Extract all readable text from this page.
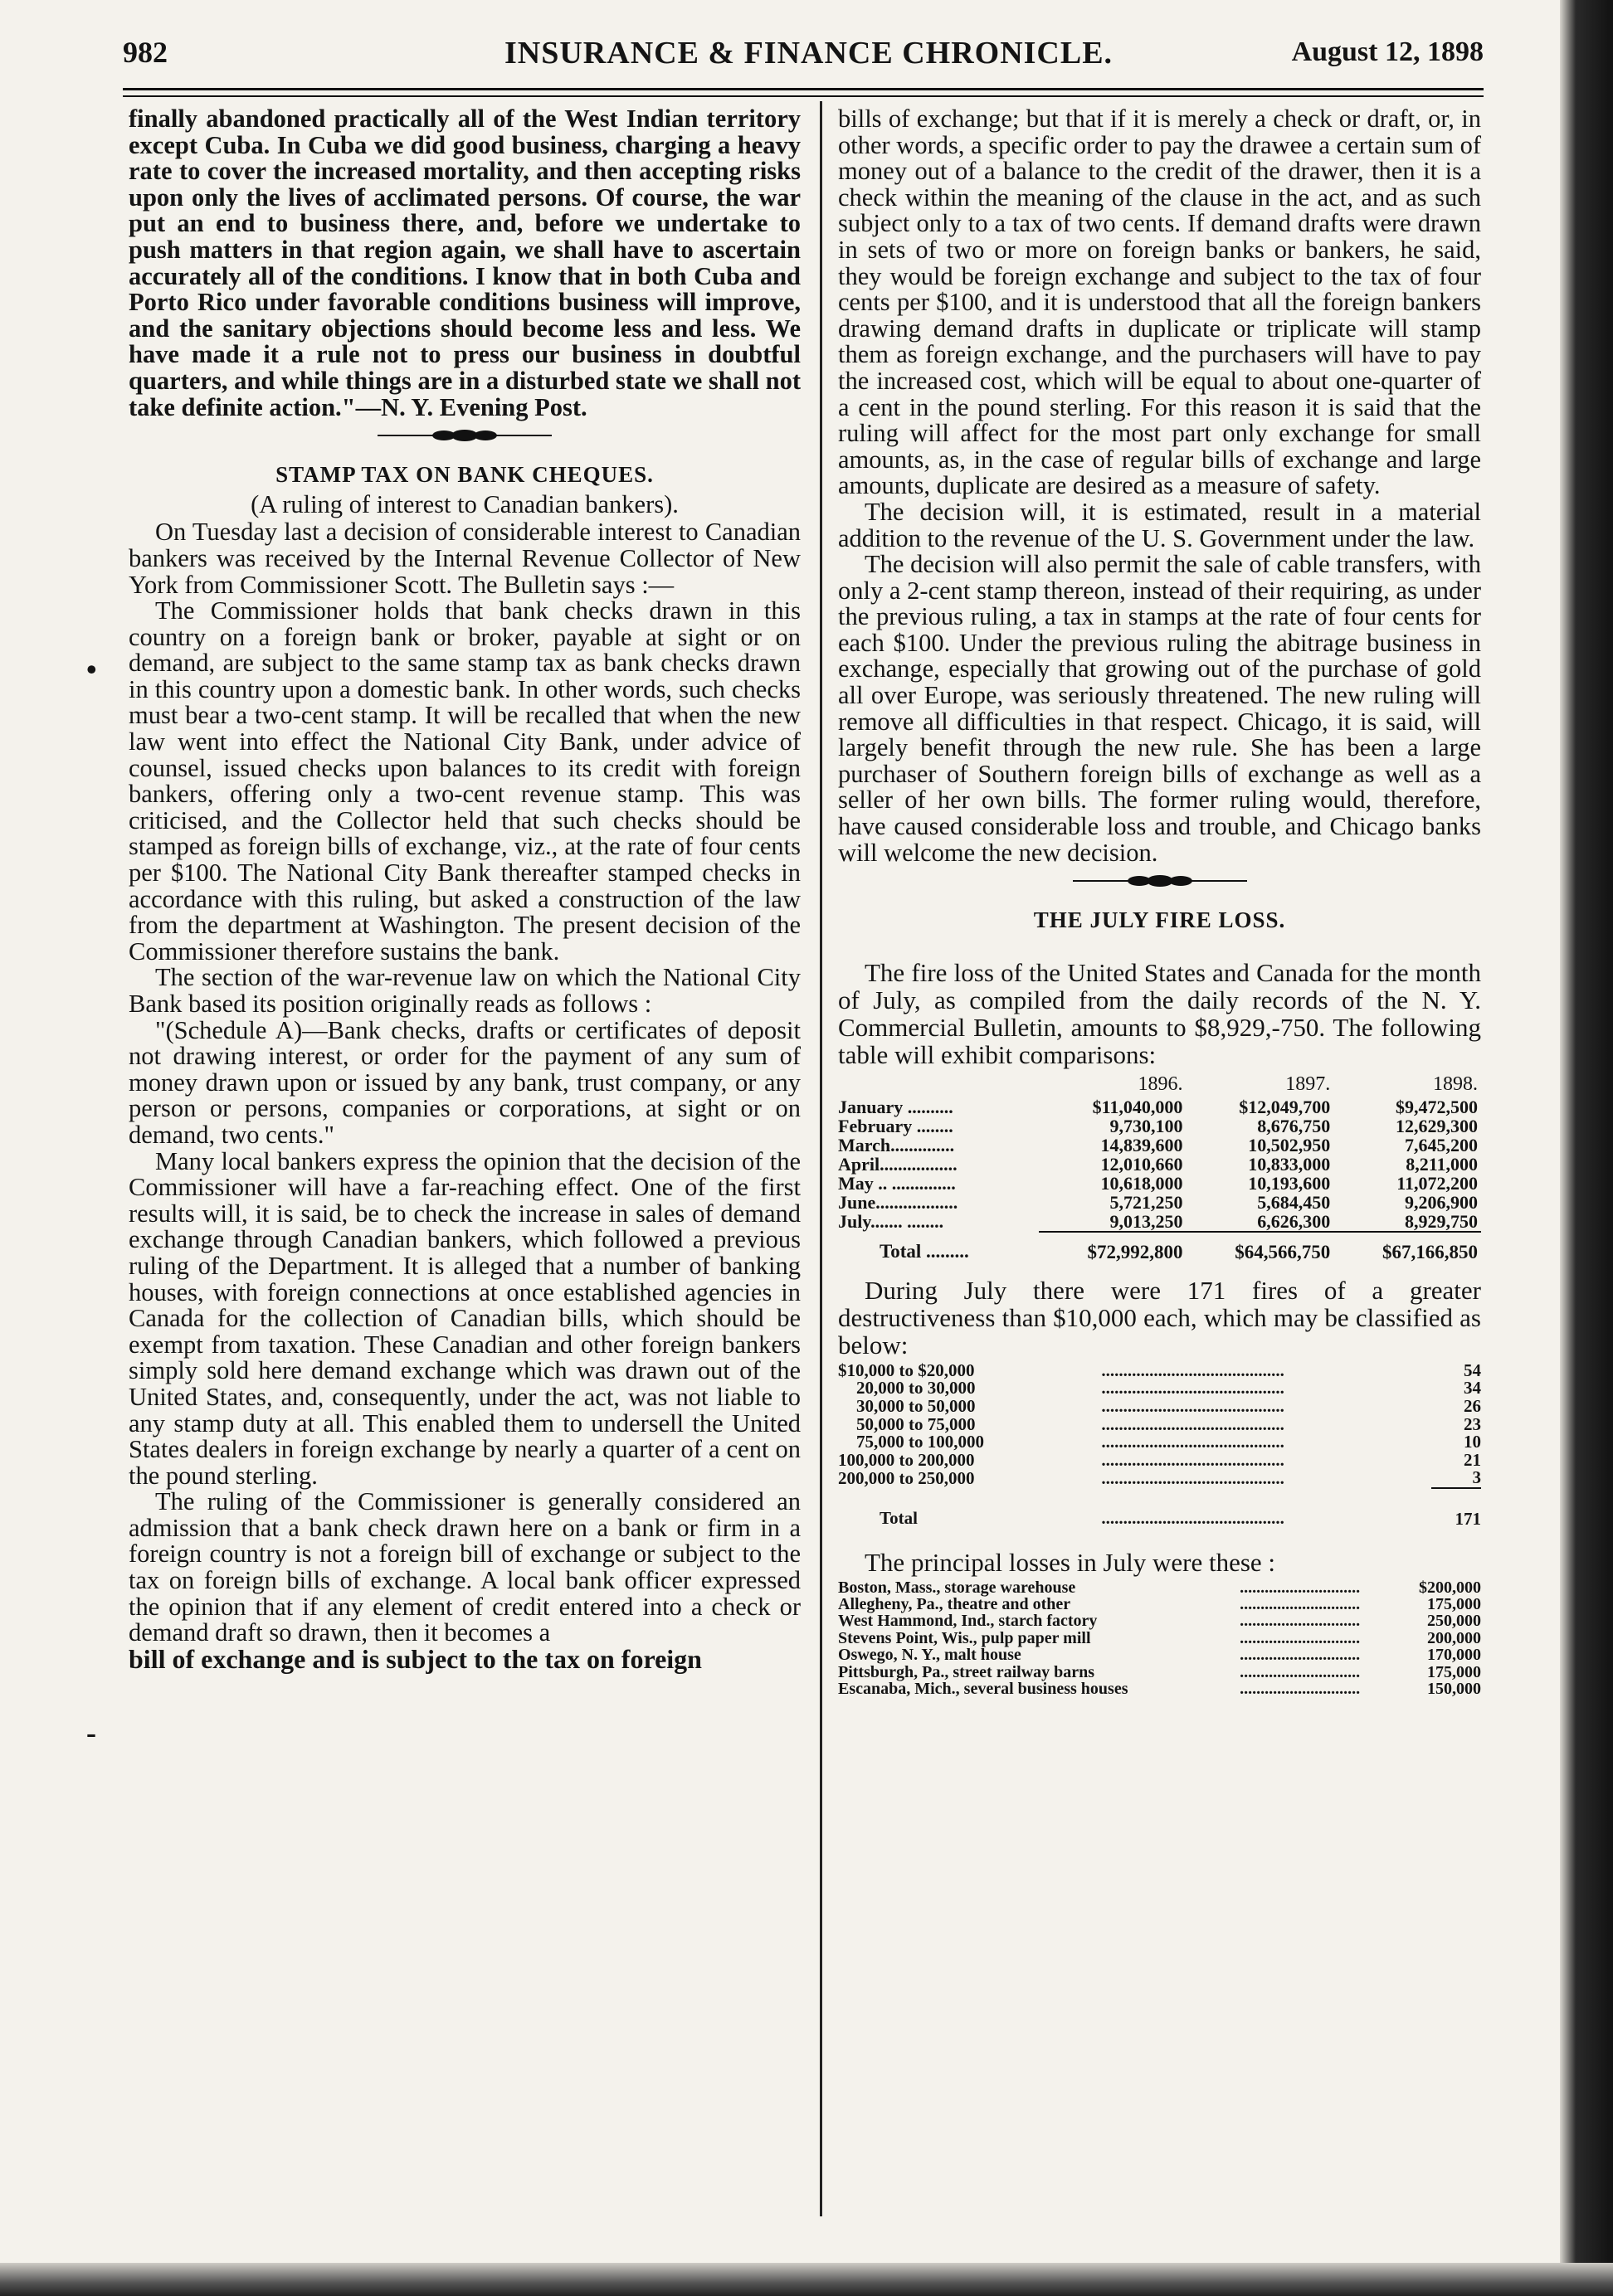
982	INSURANCE & FINANCE CHRONICLE.	August 12, 1898
•
-

finally abandoned practically all of the West Indian territory except Cuba. In Cuba we did good business, charging a heavy rate to cover the increased mortality, and then accepting risks upon only the lives of acclimated persons. Of course, the war put an end to business there, and, before we undertake to push matters in that region again, we shall have to ascertain accurately all of the conditions. I know that in both Cuba and Porto Rico under favorable conditions business will improve, and the sanitary objections should become less and less. We have made it a rule not to press our business in doubtful quarters, and while things are in a disturbed state we shall not take definite action."—N. Y. Evening Post.

STAMP TAX ON BANK CHEQUES.

(A ruling of interest to Canadian bankers).

On Tuesday last a decision of considerable interest to Canadian bankers was received by the Internal Revenue Collector of New York from Commissioner Scott. The Bulletin says :—

The Commissioner holds that bank checks drawn in this country on a foreign bank or broker, payable at sight or on demand, are subject to the same stamp tax as bank checks drawn in this country upon a domestic bank. In other words, such checks must bear a two-cent stamp. It will be recalled that when the new law went into effect the National City Bank, under advice of counsel, issued checks upon balances to its credit with foreign bankers, offering only a two-cent revenue stamp. This was criticised, and the Collector held that such checks should be stamped as foreign bills of exchange, viz., at the rate of four cents per $100. The National City Bank thereafter stamped checks in accordance with this ruling, but asked a construction of the law from the department at Washington. The present decision of the Commissioner therefore sustains the bank.

The section of the war-revenue law on which the National City Bank based its position originally reads as follows :

"(Schedule A)—Bank checks, drafts or certificates of deposit not drawing interest, or order for the payment of any sum of money drawn upon or issued by any bank, trust company, or any person or persons, companies or corporations, at sight or on demand, two cents."

Many local bankers express the opinion that the decision of the Commissioner will have a far-reaching effect. One of the first results will, it is said, be to check the increase in sales of demand exchange through Canadian bankers, which followed a previous ruling of the Department. It is alleged that a number of banking houses, with foreign connections at once established agencies in Canada for the collection of Canadian bills, which should be exempt from taxation. These Canadian and other foreign bankers simply sold here demand exchange which was drawn out of the United States, and, consequently, under the act, was not liable to any stamp duty at all. This enabled them to undersell the United States dealers in foreign exchange by nearly a quarter of a cent on the pound sterling.

The ruling of the Commissioner is generally considered an admission that a bank check drawn here on a bank or firm in a foreign country is not a foreign bill of exchange or subject to the tax on foreign bills of exchange. A local bank officer expressed the opinion that if any element of credit entered into a check or demand draft so drawn, then it becomes a

bill of exchange and is subject to the tax on foreign

bills of exchange; but that if it is merely a check or draft, or, in other words, a specific order to pay the drawee a certain sum of money out of a balance to the credit of the drawer, then it is a check within the meaning of the clause in the act, and as such subject only to a tax of two cents. If demand drafts were drawn in sets of two or more on foreign banks or bankers, he said, they would be foreign exchange and subject to the tax of four cents per $100, and it is understood that all the foreign bankers drawing demand drafts in duplicate or triplicate will stamp them as foreign exchange, and the purchasers will have to pay the increased cost, which will be equal to about one-quarter of a cent in the pound sterling. For this reason it is said that the ruling will affect for the most part only exchange for small amounts, as, in the case of regular bills of exchange and large amounts, duplicate are desired as a measure of safety.

The decision will, it is estimated, result in a material addition to the revenue of the U. S. Government under the law.

The decision will also permit the sale of cable transfers, with only a 2-cent stamp thereon, instead of their requiring, as under the previous ruling, a tax in stamps at the rate of four cents for each $100. Under the previous ruling the abitrage business in exchange, especially that growing out of the purchase of gold all over Europe, was seriously threatened. The new ruling will remove all difficulties in that respect. Chicago, it is said, will largely benefit through the new rule. She has been a large purchaser of Southern foreign bills of exchange as well as a seller of her own bills. The former ruling would, therefore, have caused considerable loss and trouble, and Chicago banks will welcome the new decision.

THE JULY FIRE LOSS.

The fire loss of the United States and Canada for the month of July, as compiled from the daily records of the N. Y. Commercial Bulletin, amounts to $8,929,-750. The following table will exhibit comparisons:

	1896.	1897.	1898.
January ..........	$11,040,000	$12,049,700	$9,472,500
February ........	9,730,100	8,676,750	12,629,300
March..............	14,839,600	10,502,950	7,645,200
April.................	12,010,660	10,833,000	8,211,000
May .. ..............	10,618,000	10,193,600	11,072,200
June..................	5,721,250	5,684,450	9,206,900
July....... ........	9,013,250	6,626,300	8,929,750
Total .........	$72,992,800	$64,566,750	$67,166,850

During July there were 171 fires of a greater destructiveness than $10,000 each, which may be classified as below:

$10,000 to $20,000	..........................................	54
20,000 to 30,000	..........................................	34
30,000 to 50,000	..........................................	26
50,000 to 75,000	..........................................	23
75,000 to 100,000	..........................................	10
100,000 to 200,000	..........................................	21
200,000 to 250,000	..........................................	3
Total	..........................................	171

The principal losses in July were these :

Boston, Mass., storage warehouse	.............................	$200,000
Allegheny, Pa., theatre and other	.............................	175,000
West Hammond, Ind., starch factory	.............................	250,000
Stevens Point, Wis., pulp paper mill	.............................	200,000
Oswego, N. Y., malt house	.............................	170,000
Pittsburgh, Pa., street railway barns	.............................	175,000
Escanaba, Mich., several business houses	.............................	150,000
